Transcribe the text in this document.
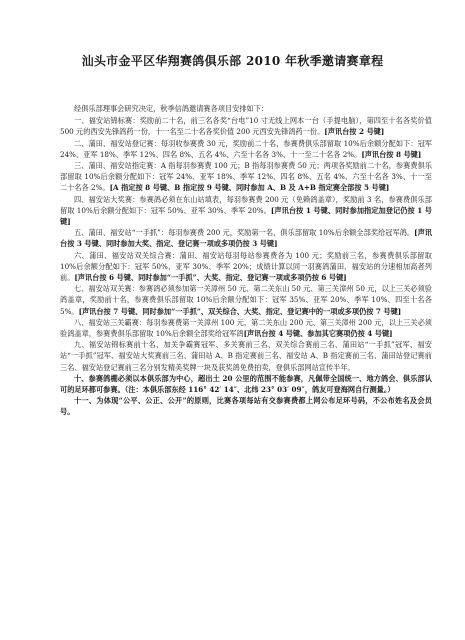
汕头市金平区华翔赛鸽俱乐部 2010 年秋季邀请赛章程

经俱乐部理事会研究决定，秋季信鸽邀请赛各项目安排如下：

一、福安站锦标赛：奖励前二十名，前三名各奖“台电”10 寸无线上网本一台（手提电脑），第四至十名各奖价值 500 元的西安先锋鸽药一份，十一名至二十名各奖价值 200 元西安先锋鸽药一份。[声讯台按 2 号键]

二、蒲田、福安站登记赛：每羽收参赛费 30 元，奖励前二十名，参赛费俱乐部留取 10%后余额分配如下：冠军 24%、亚军 18%、季军 12%、四名 8%、五名 4%、六至十名各 3%、十一至二十名各 2%。[声讯台按 8 号键]

三、蒲田、福安站指定赛：A 指每羽参赛费 100 元；B 指每羽参赛费 50 元；两项各奖励前二十名，参赛费俱乐部留取 10%后余额分配如下：冠军 24%、亚军 18%、季军 12%、四名 8%、五名 4%、六至十名各 3%、十一至二十名各 2%。[A 指定按 8 号键、B 指定按 9 号键、同时参加 A、B 及 A+B 指定赛全部按 5 号键]

四、福安站大奖赛：参赛鸽必须在东山站填表，每羽参赛费 200 元（免赖鸽盖章），奖励前 3 名，参赛费俱乐部留取 10%后余额分配如下：冠军 50%、亚军 30%、季军 20%。[声讯台按 1 号键、同时参加指定加登记仍按 1 号键]

五、蒲田、福安站“一手抓”：每羽参赛费 200 元，奖励第一名，俱乐部留取 10%后余额全部奖给冠军鸽。[声讯台按 3 号键、同时参加大奖、指定、登记赛一项或多项仍按 3 号键]

六、蒲田、福安站双关综合赛：蒲田、福安站每羽每站参赛费各为 100 元；奖励前三名，参赛费俱乐部留取 10%后余额分配如下：冠军 50%、亚军 30%、季军 20%；成绩计算以同一羽赛鸽蒲田、福安站的分速相加高者列前。[声讯台按 6 号键、同时参加“一手抓”、大奖、指定、登记赛一项或多项仍按 6 号键]

七、福安站双关赛：参赛鸽必须参加第一关漳州 50 元、第二关东山 50 元、第三关漳州 50 元，以上三关必须验鸽盖章，奖励前十名，参赛费俱乐部留取 10%后余额分配如下：冠军 35%、亚军 20%、季军 10%、四至十名各 5%。[声讯台按 7 号键、同时参加“一手抓”、双关综合、大奖、指定、登记赛中的一项或多项仍按 7 号键]

八、福安站三关霸赛：每羽参赛费第一关漳州 100 元，第二关东山 200 元、第三关漳州 200 元，以上三关必须验鸽盖章，参赛费俱乐部留取 10%后余额全部奖给冠军鸽[声讯台按 4 号键、参加其它赛项仍按 4 号键]

九、福安站锦标赛前十名、加关争霸赛冠军、多关赛前三名、双关综合赛前三名、蒲田站“一手抓”冠军、福安站“一手抓”冠军、福安站大奖赛前三名、蒲田站 A、B 指定赛前三名、福安站 A、B 指定赛前三名、蒲田站登记赛前三名、福安站登记赛前三名分别发精美奖牌一块及获奖鸽免费拍卖，登俱乐部网站宣传半年。

十、参赛鸽棚必须以本俱乐部为中心，超出土 20 公里的范围不能参赛，凡佩带全国统一、地方鸽会、俱乐部认可的足环都可参赛。（注：本俱乐部东经 116° 42′ 14″、北纬 23° 03′ 09″，鸽友可登海网自行测量。）

十一、为体现“公平、公正、公开”的原则，比赛各项每站有交参赛费都上网公布足环号码，不公布姓名及会员号。
